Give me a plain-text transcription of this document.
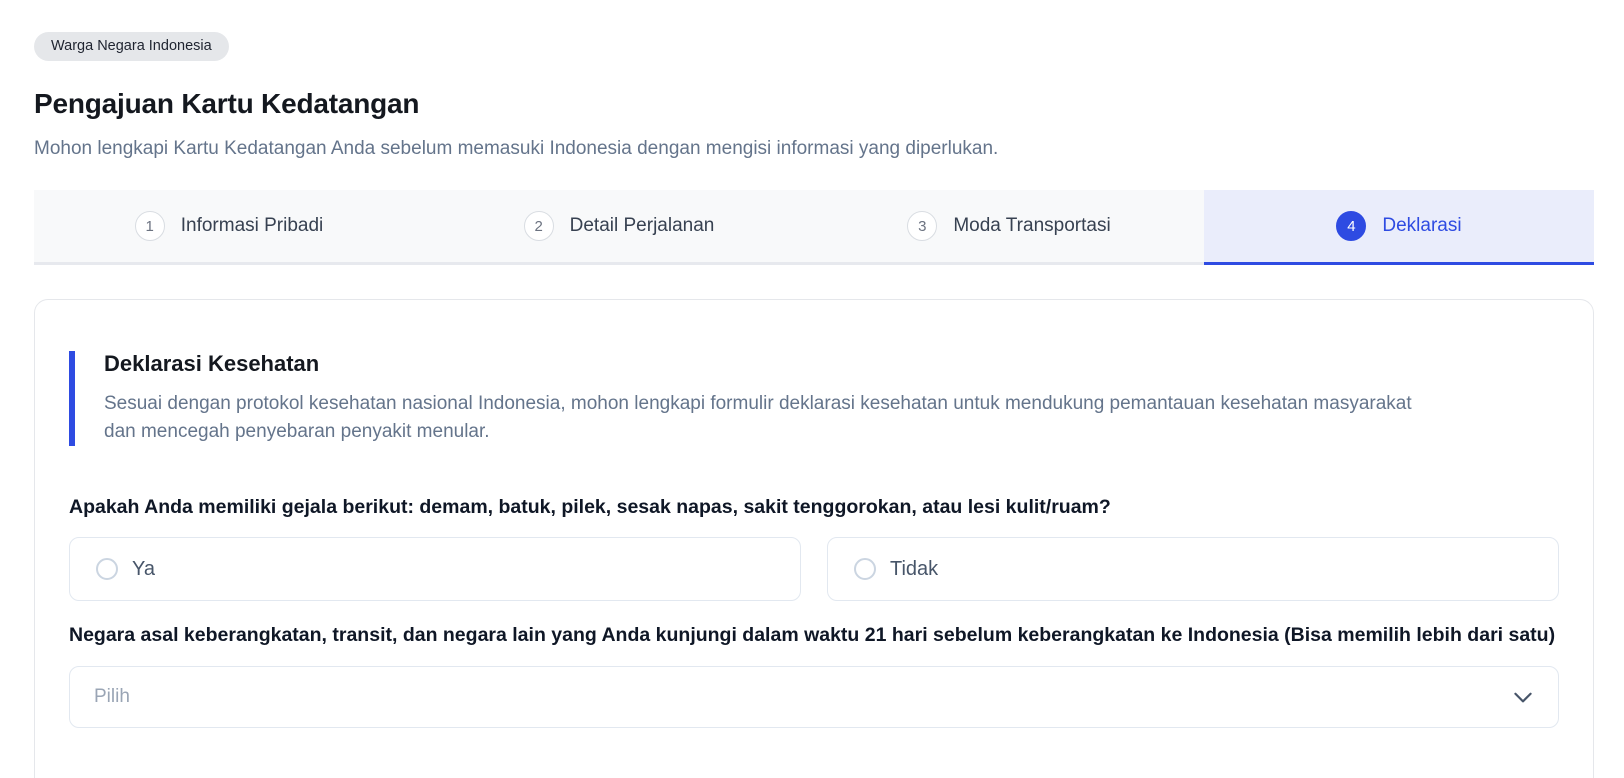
Warga Negara Indonesia
Pengajuan Kartu Kedatangan

Mohon lengkapi Kartu Kedatangan Anda sebelum memasuki Indonesia dengan mengisi informasi yang diperlukan.

1	Informasi Pribadi	2	Detail Perjalanan	3	Moda Transportasi	4	Deklarasi
Deklarasi Kesehatan

Sesuai dengan protokol kesehatan nasional Indonesia, mohon lengkapi formulir deklarasi kesehatan untuk mendukung pemantauan kesehatan masyarakat dan mencegah penyebaran penyakit menular.

Apakah Anda memiliki gejala berikut: demam, batuk, pilek, sesak napas, sakit tenggorokan, atau lesi kulit/ruam?

Ya	Tidak

Negara asal keberangkatan, transit, dan negara lain yang Anda kunjungi dalam waktu 21 hari sebelum keberangkatan ke Indonesia (Bisa memilih lebih dari satu)

Pilih
